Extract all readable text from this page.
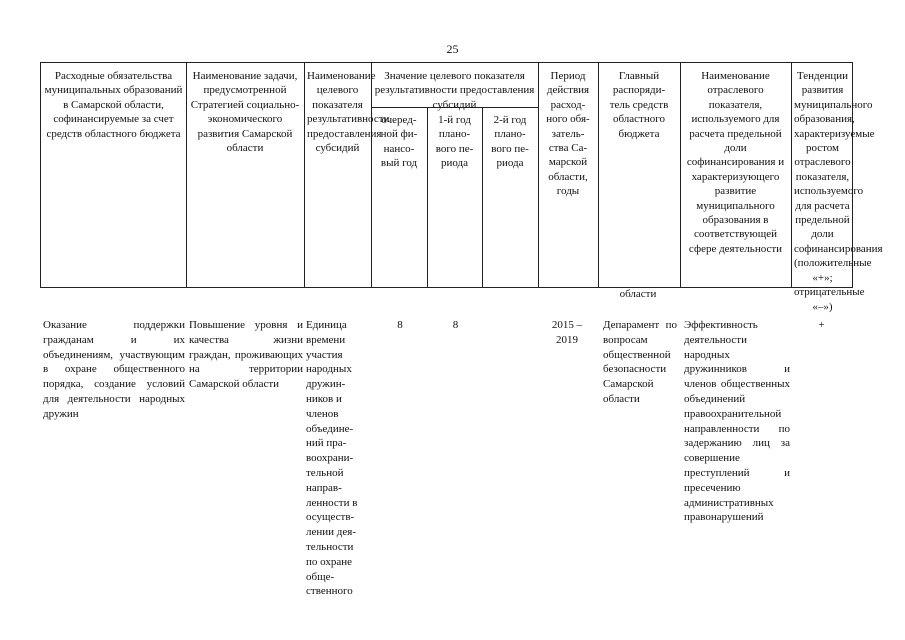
25
Расходные обязательства муниципальных образований в Самарской области, софинансируемые за счет средств областного бюджета
Наименование задачи, предусмотренной Стратегией социально-экономического развития Самарской области
Наименование целевого показателя результативности предоставления субсидий
Значение целевого показателя результативности предоставления субсидий
очеред-
ной фи-
нансо-
вый год
1-й год
плано-
вого пе-
риода
2-й год
плано-
вого пе-
риода
Период
действия
расход-
ного обя-
затель-
ства Са-
марской
области,
годы
Главный
распоряди-
тель средств
областного
бюджета
Наименование отраслевого показателя, используемого для расчета предельной доли софинансирования и характеризующего развитие муниципального образования в соответствующей сфере деятельности
Тенденции развития муниципального образования, характеризуемые ростом отраслевого показателя, используемого для расчета предельной доли софинансирования (положительные «+»; отрицательные «–»)
области
Оказание поддержки гражданам и их объединениям, участвующим в охране общественного порядка, создание условий для деятельности народных дружин
Повышение уровня и качества жизни граждан, проживающих на территории Самарской области
Единица
времени
участия
народных
дружин-
ников и
членов
объедине-
ний пра-
воохрани-
тельной
направ-
ленности в
осуществ-
лении дея-
тельности
по охране
обще-
ственного
8	8	2015 –
2019
Депарамент по вопросам общественной безопасности Самарской области
Эффективность деятельности народных дружинников и членов общественных объединений правоохранительной направленности по задержанию лиц за совершение преступлений и пресечению административных правонарушений
+
